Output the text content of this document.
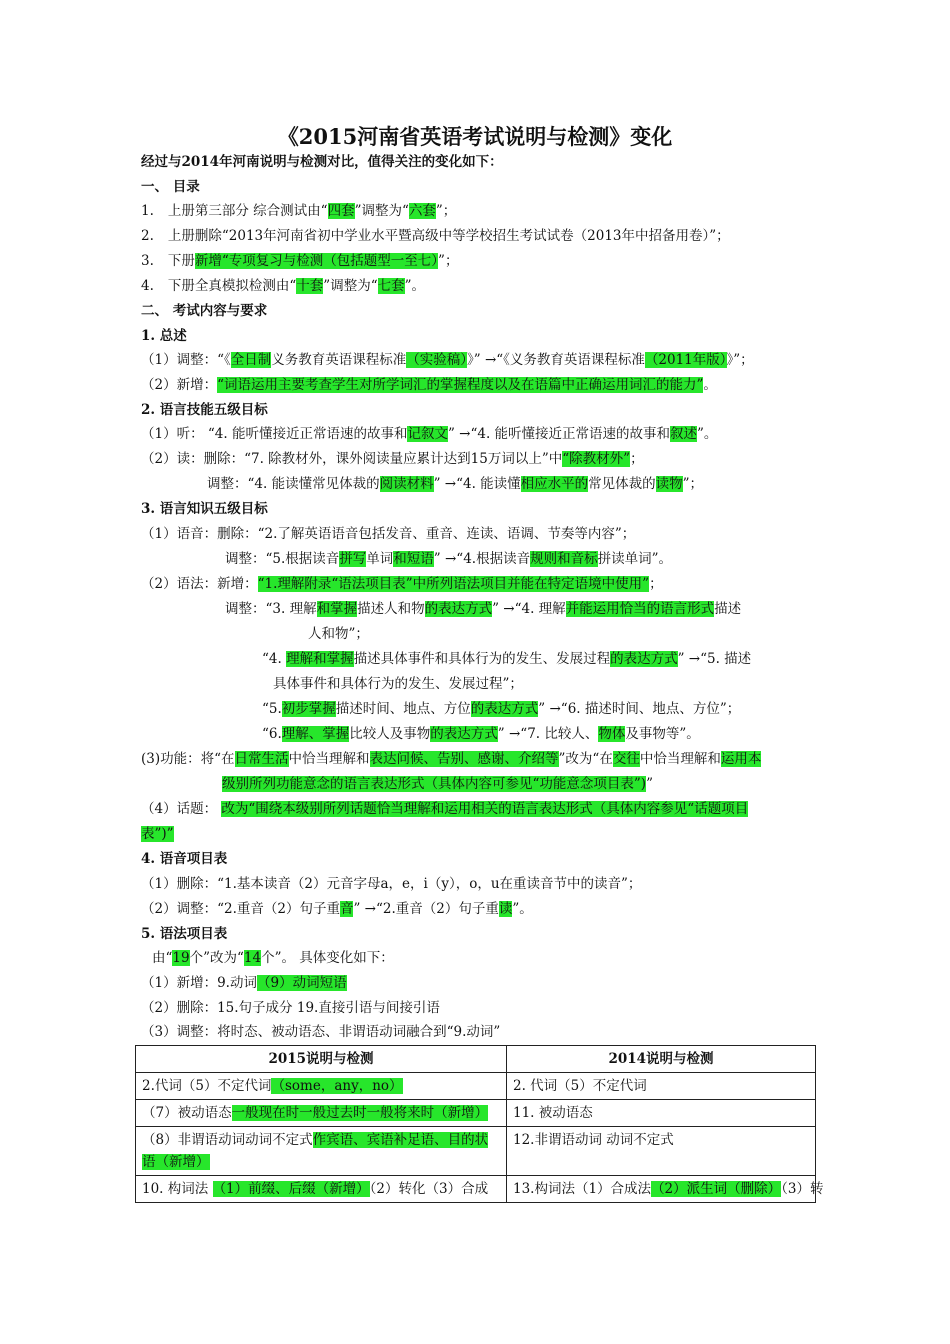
《2015河南省英语考试说明与检测》变化
经过与2014年河南说明与检测对比，值得关注的变化如下：
一、 目录
1. 上册第三部分 综合测试由“四套”调整为“六套”；
2. 上册删除“2013年河南省初中学业水平暨高级中等学校招生考试试卷（2013年中招备用卷）”；
3. 下册新增“专项复习与检测（包括题型一至七）”；
4. 下册全真模拟检测由“十套”调整为“七套”。
二、 考试内容与要求
1. 总述
（1）调整：“《全日制义务教育英语课程标准（实验稿）》” →“《义务教育英语课程标准（2011年版）》”；
（2）新增：“词语运用主要考查学生对所学词汇的掌握程度以及在语篇中正确运用词汇的能力”。
2. 语言技能五级目标
（1）听： “4. 能听懂接近正常语速的故事和记叙文” →“4. 能听懂接近正常语速的故事和叙述”。
（2）读：删除：“7. 除教材外，课外阅读量应累计达到15万词以上”中“除教材外”；
调整：“4. 能读懂常见体裁的阅读材料” →“4. 能读懂相应水平的常见体裁的读物”；
3. 语言知识五级目标
（1）语音：删除：“2.了解英语语音包括发音、重音、连读、语调、节奏等内容”；
调整：“5.根据读音拼写单词和短语” →“4.根据读音规则和音标拼读单词”。
（2）语法：新增：“1.理解附录“语法项目表”中所列语法项目并能在特定语境中使用”；
调整：“3. 理解和掌握描述人和物的表达方式” →“4. 理解并能运用恰当的语言形式描述
人和物”；
“4. 理解和掌握描述具体事件和具体行为的发生、发展过程的表达方式” →“5. 描述
具体事件和具体行为的发生、发展过程”；
“5.初步掌握描述时间、地点、方位的表达方式” →“6. 描述时间、地点、方位”；
“6.理解、掌握比较人及事物的表达方式” →“7. 比较人、物体及事物等”。
(3)功能：将“在日常生活中恰当理解和表达问候、告别、感谢、介绍等”改为“在交往中恰当理解和运用本
级别所列功能意念的语言表达形式（具体内容可参见“功能意念项目表”)”
（4）话题： 改为“围绕本级别所列话题恰当理解和运用相关的语言表达形式（具体内容参见“话题项目
表”)”
4. 语音项目表
（1）删除：“1.基本读音（2）元音字母a，e，i（y），o，u在重读音节中的读音”；
（2）调整：“2.重音（2）句子重音” →“2.重音（2）句子重读”。
5. 语法项目表
由“19个”改为“14个”。 具体变化如下：
（1）新增：9.动词（9）动词短语
（2）删除：15.句子成分 19.直接引语与间接引语
（3）调整：将时态、被动语态、非谓语动词融合到“9.动词”
2015说明与检测	2014说明与检测
2.代词（5）不定代词（some，any，no）	2. 代词（5）不定代词
（7）被动语态一般现在时一般过去时一般将来时（新增）	11. 被动语态
（8）非谓语动词动词不定式作宾语、宾语补足语、目的状语（新增）	12.非谓语动词 动词不定式
10. 构词法 （1）前缀、后缀（新增）（2）转化（3）合成	13.构词法（1）合成法（2）派生词（删除）（3）转
